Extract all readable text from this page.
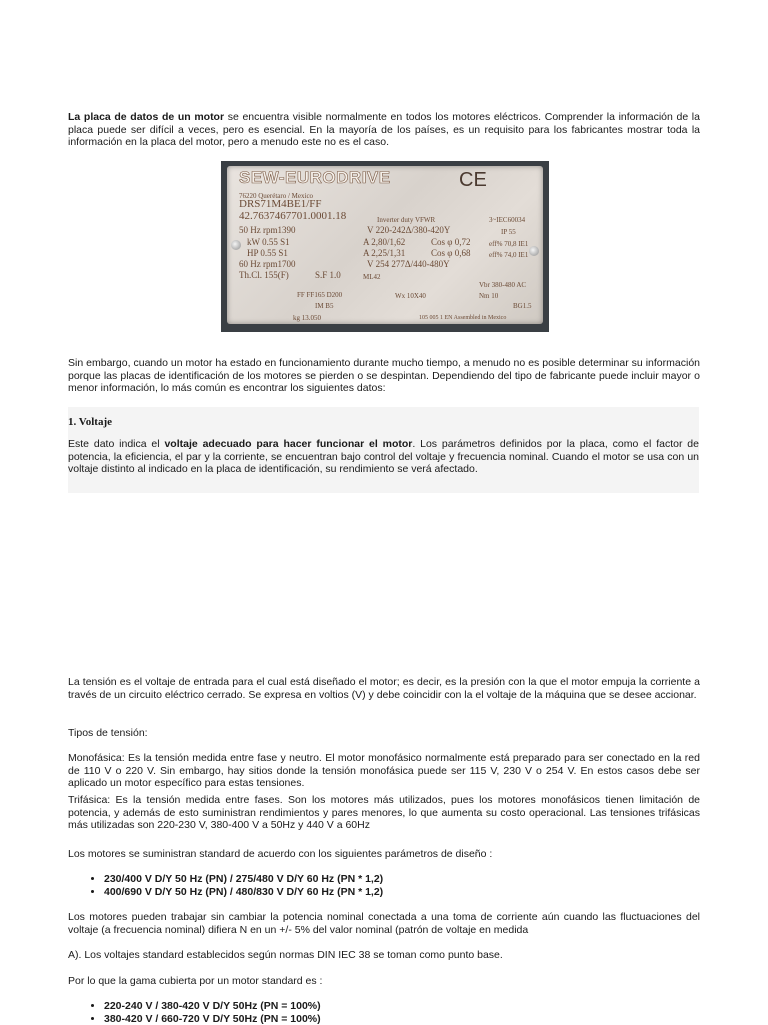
La placa de datos de un motor se encuentra visible normalmente en todos los motores eléctricos. Comprender la información de la placa puede ser difícil a veces, pero es esencial. En la mayoría de los países, es un requisito para los fabricantes mostrar toda la información en la placa del motor, pero a menudo este no es el caso.

SEW-EURODRIVE	CE
76220 Querétaro / Mexico
DRS71M4BE1/FF
42.7637467701.0001.18	Inverter duty VFWR	3~IEC60034
50 Hz rpm1390	V 220-242Δ/380-420Y	IP 55
kW 0.55 S1	A 2,80/1,62	Cos φ 0,72	eff% 70,8 IE1
HP 0.55 S1	A 2,25/1,31	Cos φ 0,68	eff% 74,0 IE1
60 Hz rpm1700	V 254 277Δ/440-480Y
Th.Cl. 155(F)	S.F 1.0	ML42
Vbr 380-480 AC
FF FF165 D200	Wx 10X40	Nm 10
IM B5	BG1.5
kg 13.050	105 005 1 EN Assembled in Mexico

Sin embargo, cuando un motor ha estado en funcionamiento durante mucho tiempo, a menudo no es posible determinar su información porque las placas de identificación de los motores se pierden o se despintan. Dependiendo del tipo de fabricante puede incluir mayor o menor información, lo más común es encontrar los siguientes datos:

1. Voltaje

Este dato indica el voltaje adecuado para hacer funcionar el motor. Los parámetros definidos por la placa, como el factor de potencia, la eficiencia, el par y la corriente, se encuentran bajo control del voltaje y frecuencia nominal. Cuando el motor se usa con un voltaje distinto al indicado en la placa de identificación, su rendimiento se verá afectado.

La tensión es el voltaje de entrada para el cual está diseñado el motor; es decir, es la presión con la que el motor empuja la corriente a través de un circuito eléctrico cerrado. Se expresa en voltios (V) y debe coincidir con la el voltaje de la máquina que se desee accionar.

Tipos de tensión:

Monofásica: Es la tensión medida entre fase y neutro. El motor monofásico normalmente está preparado para ser conectado en la red de 110 V o 220 V. Sin embargo, hay sitios donde la tensión monofásica puede ser 115 V, 230 V o 254 V. En estos casos debe ser aplicado un motor específico para estas tensiones.

Trifásica: Es la tensión medida entre fases. Son los motores más utilizados, pues los motores monofásicos tienen limitación de potencia, y además de esto suministran rendimientos y pares menores, lo que aumenta su costo operacional. Las tensiones trifásicas más utilizadas son 220-230 V, 380-400 V a 50Hz y 440 V a 60Hz

Los motores se suministran standard de acuerdo con los siguientes parámetros de diseño :

• 230/400 V D/Y 50 Hz (PN) / 275/480 V D/Y 60 Hz (PN * 1,2)
• 400/690 V D/Y 50 Hz (PN) / 480/830 V D/Y 60 Hz (PN * 1,2)

Los motores pueden trabajar sin cambiar la potencia nominal conectada a una toma de corriente aún cuando las fluctuaciones del voltaje (a frecuencia nominal) difiera N en un +/- 5% del valor nominal (patrón de voltaje en medida

A). Los voltajes standard establecidos según normas DIN IEC 38 se toman como punto base.

Por lo que la gama cubierta por un motor standard es :

• 220-240 V / 380-420 V D/Y 50Hz (PN = 100%)
• 380-420 V / 660-720 V D/Y 50Hz (PN = 100%)
